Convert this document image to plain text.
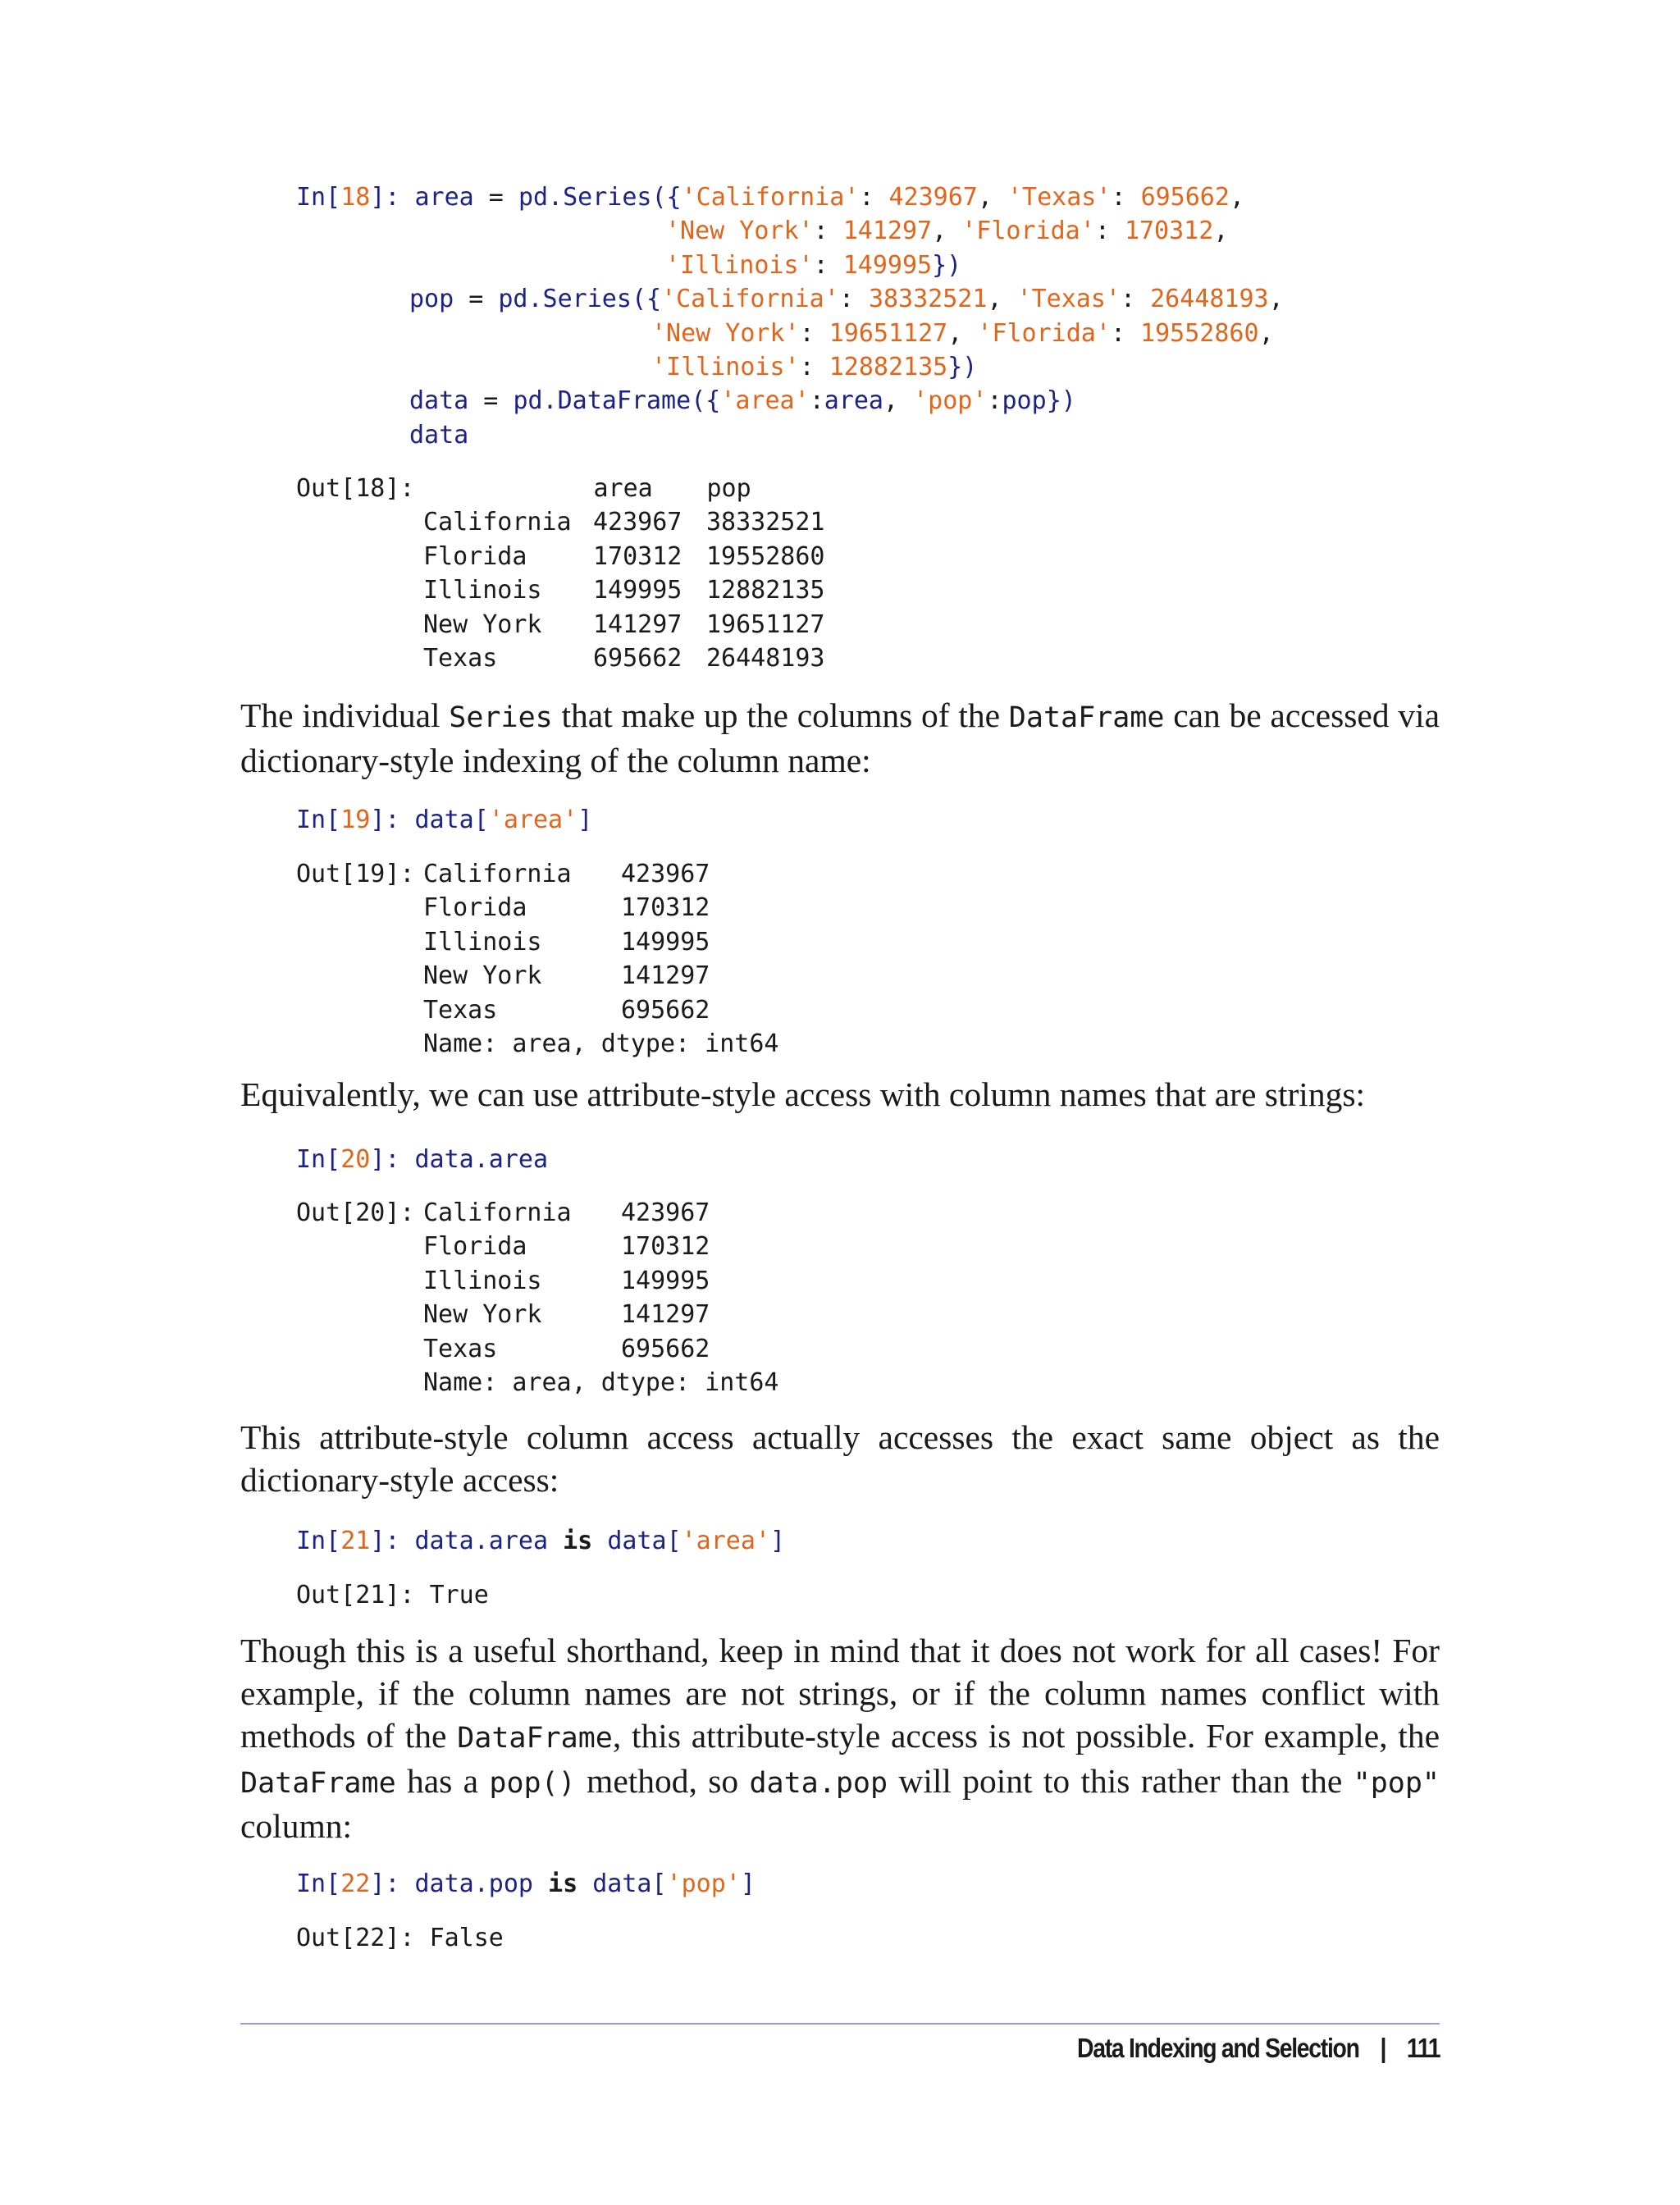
In[18]: area = pd.Series({'California': 423967, 'Texas': 695662,
'New York': 141297, 'Florida': 170312,
'Illinois': 149995})
pop = pd.Series({'California': 38332521, 'Texas': 26448193,
'New York': 19651127, 'Florida': 19552860,
'Illinois': 12882135})
data = pd.DataFrame({'area':area, 'pop':pop})
data
Out[18]:	area pop
California 423967 38332521
Florida	170312 19552860
Illinois 149995 12882135
New York 141297 19651127
Texas	695662 26448193

The individual Series that make up the columns of the DataFrame can be accessed via dictionary-style indexing of the column name:

In[19]: data['area']
Out[19]: California 423967
Florida	170312
Illinois	149995
New York	141297
Texas	695662
Name: area, dtype: int64

Equivalently, we can use attribute-style access with column names that are strings:

In[20]: data.area
Out[20]: California 423967
Florida	170312
Illinois	149995
New York	141297
Texas	695662
Name: area, dtype: int64

This attribute-style column access actually accesses the exact same object as the dictionary-style access:

In[21]: data.area is data['area']
Out[21]: True

Though this is a useful shorthand, keep in mind that it does not work for all cases! For example, if the column names are not strings, or if the column names conflict with methods of the DataFrame, this attribute-style access is not possible. For example, the DataFrame has a pop() method, so data.pop will point to this rather than the "pop" column:

In[22]: data.pop is data['pop']
Out[22]: False
Data Indexing and Selection | 111
